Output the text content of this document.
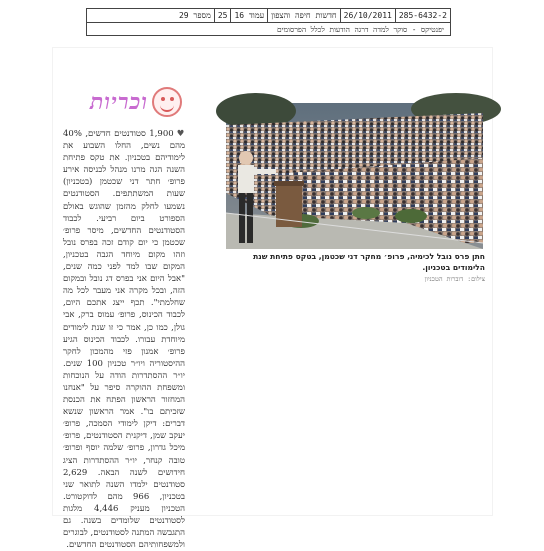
285-6432-2
26/10/2011
חדשות חיפה והצפון
עמוד 16
25
מספר 29
יפנטיקס - סוקר למדה דרגה הודעות לכלל הפרסומים
וכריות

♥1,900 סטודנטים חדשים, 40% מהם נשים, החלו השבוע את לימודיהם בטכניון. את טקס פתיחת השנה הגה מרנו מנהל לכניסה אירע פרופ׳ חתר דני שכטמן (בטכניון) שעות המשתתפים. הסטודנטים נשמעו לחלק מהזמן שהוגש באולם הספורט ביום רביעי. לכבוד הסטודנטים החדשים, מיסר פרופ׳ שכטמן כי יום קודם זכה בפרס נובל וזהו מקום מיוחד הגבה בטכניון, המקום שבו למד לפני כמה שנים, "אבל היום אני בפרס דג נובל ובמקום הזה, ובכל מקרה אני מעבר לכל מה שחלמתי". תכף ייצג אתכם היום, לכבוד הכינוס, פרופ׳ עמוס ברק, אבי גולן, כמו כן, אמר כי זו שנת לימודים מיוחדת עבורו. לכבוד הכינוס הגיע פרופ׳ אמנון פזי מהמכון לחקר ההיסטוריה ויו״ר טכניון 100 שנים. יו״ר ההסתדרות הודה על הנוכחות ומשפחת ההוקרה סיפר על "אנחנו המחזור הראשון הפתח את הכנסת שזכיתם בו". אמר הראשון שנשא דברים: דיקן לימודי הסמכה, פרופ׳ יעקב שמן, דיקנית הסטודנטים, פרופ׳ מיכל גדרון, פרופ׳ שלמה יוסף ופרופ׳ טובה קנחר, יו״ר ההסתדרות הציג חידושים לשנה הבאה. 2,629 סטודנטים ילמדו השנה לתואר שני בטכניון, 966 מהם לדוקטורט. הטכניון מעניק 4,446 מלגות לסטודנטים שלומדים בשנה. גם התגבשה המתנה לסטודנטים, לבוגרים ולמשפחותיהם הסטודנטים החדשים.

חתן פרס נובל לכימיה, פרופ׳ מחקר דני שכטמן, בטקס פתיחת שנת הלימודים בטכניון.
צילום: דוברות הטכניון
